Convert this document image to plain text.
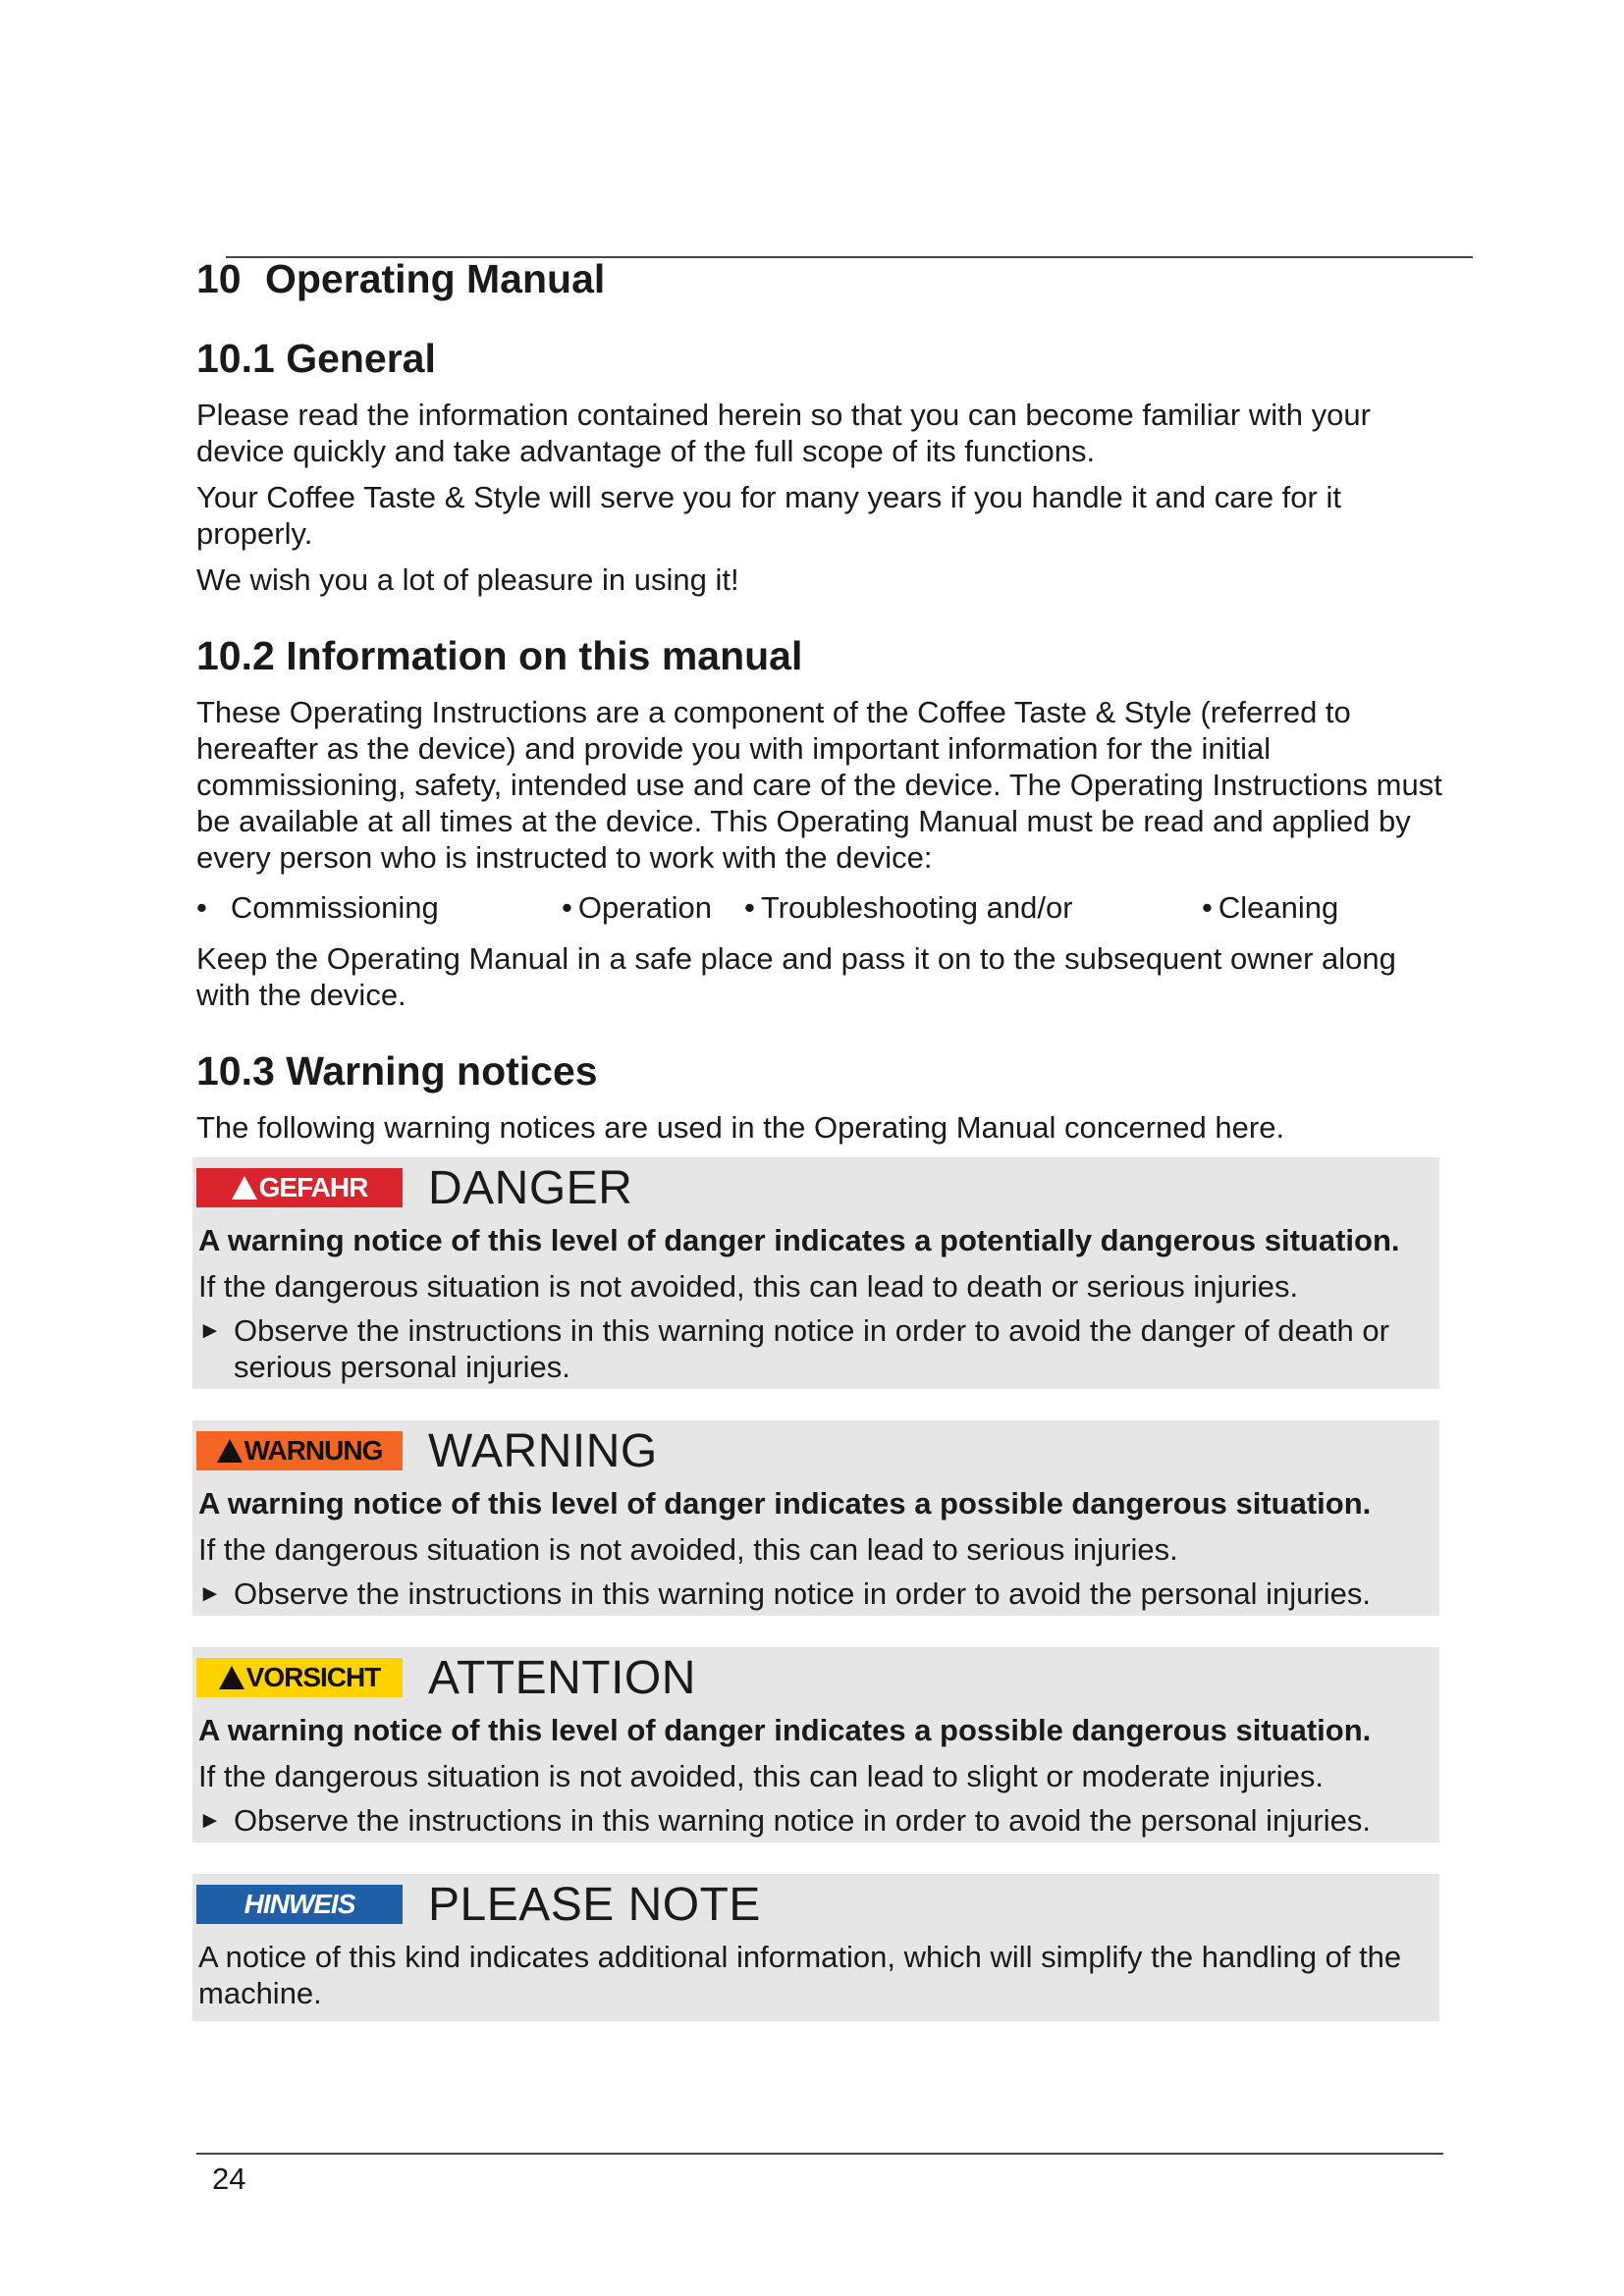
10 Operating Manual
10.1 General

Please read the information contained herein so that you can become familiar with your device quickly and take advantage of the full scope of its functions.

Your Coffee Taste & Style will serve you for many years if you handle it and care for it properly.

We wish you a lot of pleasure in using it!

10.2 Information on this manual

These Operating Instructions are a component of the Coffee Taste & Style (referred to hereafter as the device) and provide you with important information for the initial commissioning, safety, intended use and care of the device. The Operating Instructions must be available at all times at the device. This Operating Manual must be read and applied by every person who is instructed to work with the device:

• Commissioning	• Operation • Troubleshooting and/or	• Cleaning

Keep the Operating Manual in a safe place and pass it on to the subsequent owner along with the device.

10.3 Warning notices

The following warning notices are used in the Operating Manual concerned here.

GEFAHR DANGER
A warning notice of this level of danger indicates a potentially dangerous situation.
If the dangerous situation is not avoided, this can lead to death or serious injuries.
► Observe the instructions in this warning notice in order to avoid the danger of death or serious personal injuries.
WARNUNG WARNING
A warning notice of this level of danger indicates a possible dangerous situation.
If the dangerous situation is not avoided, this can lead to serious injuries.
► Observe the instructions in this warning notice in order to avoid the personal injuries.
VORSICHT ATTENTION
A warning notice of this level of danger indicates a possible dangerous situation.
If the dangerous situation is not avoided, this can lead to slight or moderate injuries.
► Observe the instructions in this warning notice in order to avoid the personal injuries.
HINWEIS PLEASE NOTE
A notice of this kind indicates additional information, which will simplify the handling of the machine.
24
